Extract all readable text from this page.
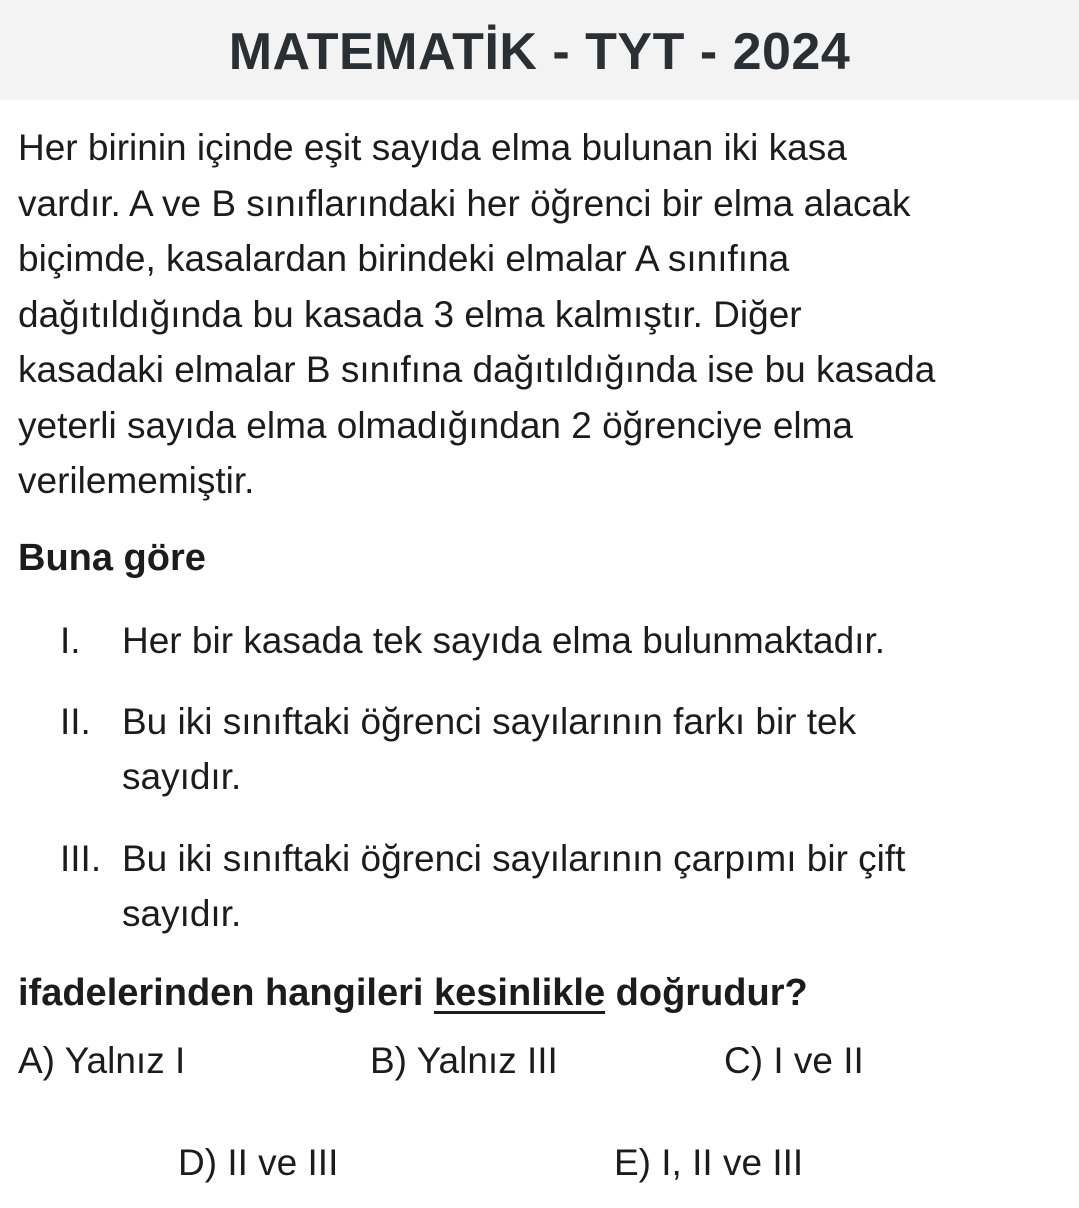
MATEMATİK - TYT - 2024

Her birinin içinde eşit sayıda elma bulunan iki kasa
vardır. A ve B sınıflarındaki her öğrenci bir elma alacak
biçimde, kasalardan birindeki elmalar A sınıfına
dağıtıldığında bu kasada 3 elma kalmıştır. Diğer
kasadaki elmalar B sınıfına dağıtıldığında ise bu kasada
yeterli sayıda elma olmadığından 2 öğrenciye elma
verilememiştir.

Buna göre

I.	Her bir kasada tek sayıda elma bulunmaktadır.
II. Bu iki sınıftaki öğrenci sayılarının farkı bir tek
sayıdır.
III. Bu iki sınıftaki öğrenci sayılarının çarpımı bir çift
sayıdır.

ifadelerinden hangileri kesinlikle doğrudur?

A) Yalnız I	B) Yalnız III	C) I ve II
D) II ve III	E) I, II ve III
